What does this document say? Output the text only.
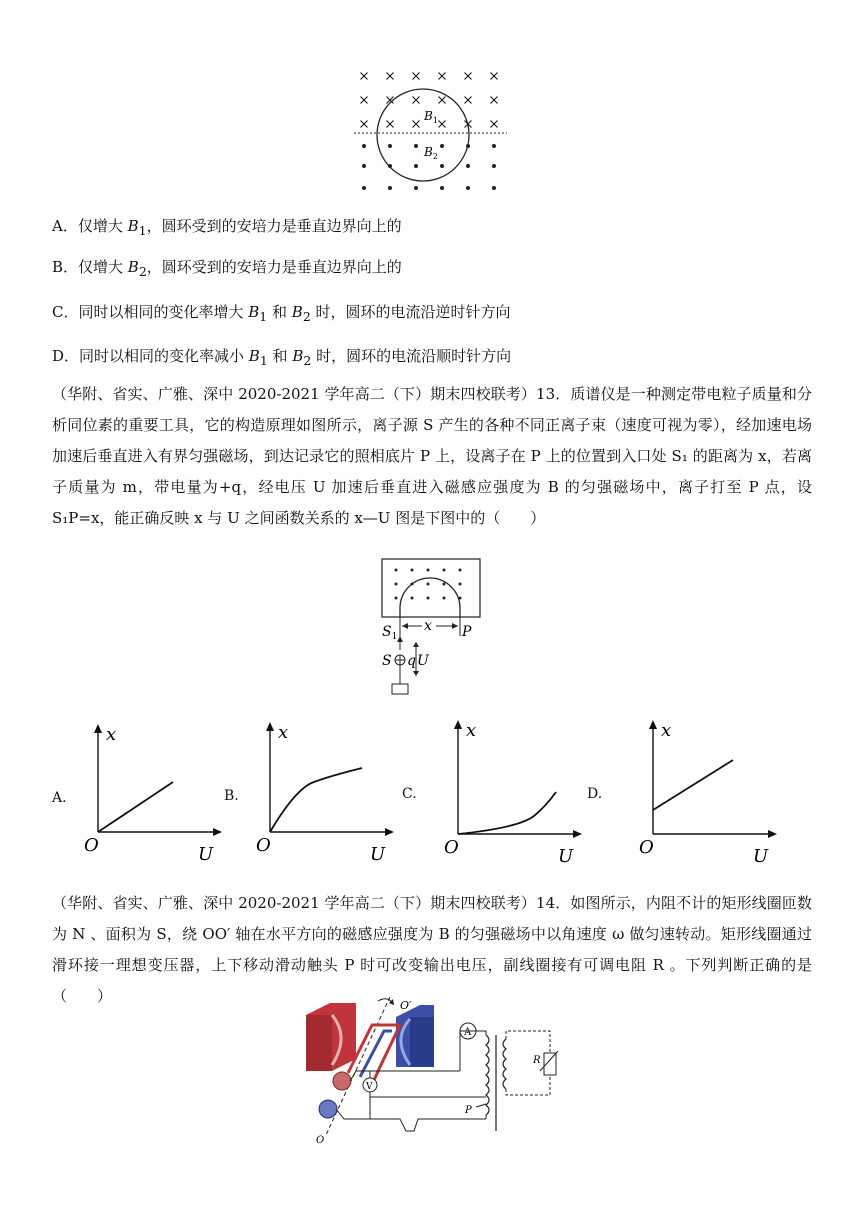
$B_1$
$B_2$
A．仅增大 $B_1$，圆环受到的安培力是垂直边界向上的
B．仅增大 $B_2$，圆环受到的安培力是垂直边界向上的
C．同时以相同的变化率增大 $B_1$ 和 $B_2$ 时，圆环的电流沿逆时针方向
D．同时以相同的变化率减小 $B_1$ 和 $B_2$ 时，圆环的电流沿顺时针方向
（华附、省实、广雅、深中 2020-2021 学年高二（下）期末四校联考）13．质谱仪是一种测定带电粒子质量和分析同位素的重要工具，它的构造原理如图所示，离子源 S 产生的各种不同正离子束（速度可视为零），经加速电场加速后垂直进入有界匀强磁场，到达记录它的照相底片 P 上，设离子在 P 上的位置到入口处 S₁ 的距离为 x，若离子质量为 m，带电量为+q，经电压 U 加速后垂直进入磁感应强度为 B 的匀强磁场中，离子打至 P 点，设 S₁P=x，能正确反映 x 与 U 之间函数关系的 x—U 图是下图中的（　　）
x
$S_1$	P
S q U
A.
x
O	U
B.
x
O	U
C.
x
O	U
D.
x
O	U
（华附、省实、广雅、深中 2020-2021 学年高二（下）期末四校联考）14．如图所示，内阻不计的矩形线圈匝数为 N 、面积为 S，绕 OO′ 轴在水平方向的磁感应强度为 B 的匀强磁场中以角速度 ω 做匀速转动。矩形线圈通过滑环接一理想变压器，上下移动滑动触头 P 时可改变输出电压，副线圈接有可调电阻 R 。下列判断正确的是（　　）
O′
O
A
V
P
R
